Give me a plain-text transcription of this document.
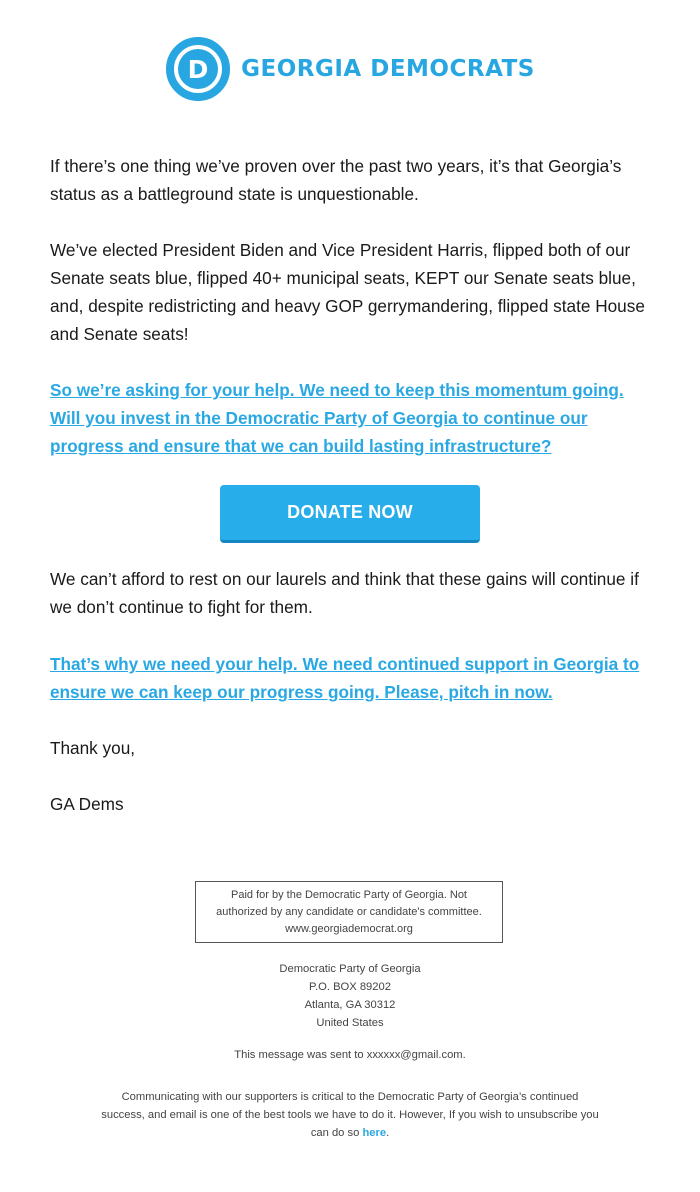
D GEORGIA DEMOCRATS

If there’s one thing we’ve proven over the past two years, it’s that Georgia’s status as a battleground state is unquestionable.

We’ve elected President Biden and Vice President Harris, flipped both of our Senate seats blue, flipped 40+ municipal seats, KEPT our Senate seats blue, and, despite redistricting and heavy GOP gerrymandering, flipped state House and Senate seats!

So we’re asking for your help. We need to keep this momentum going. Will you invest in the Democratic Party of Georgia to continue our progress and ensure that we can build lasting infrastructure?

DONATE NOW

We can’t afford to rest on our laurels and think that these gains will continue if we don’t continue to fight for them.

That’s why we need your help. We need continued support in Georgia to ensure we can keep our progress going. Please, pitch in now.

Thank you,

GA Dems

Paid for by the Democratic Party of Georgia. Not
authorized by any candidate or candidate's committee.
www.georgiademocrat.org
Democratic Party of Georgia
P.O. BOX 89202
Atlanta, GA 30312
United States
This message was sent to xxxxxx@gmail.com.
Communicating with our supporters is critical to the Democratic Party of Georgia’s continued success, and email is one of the best tools we have to do it. However, If you wish to unsubscribe you can do so here.
